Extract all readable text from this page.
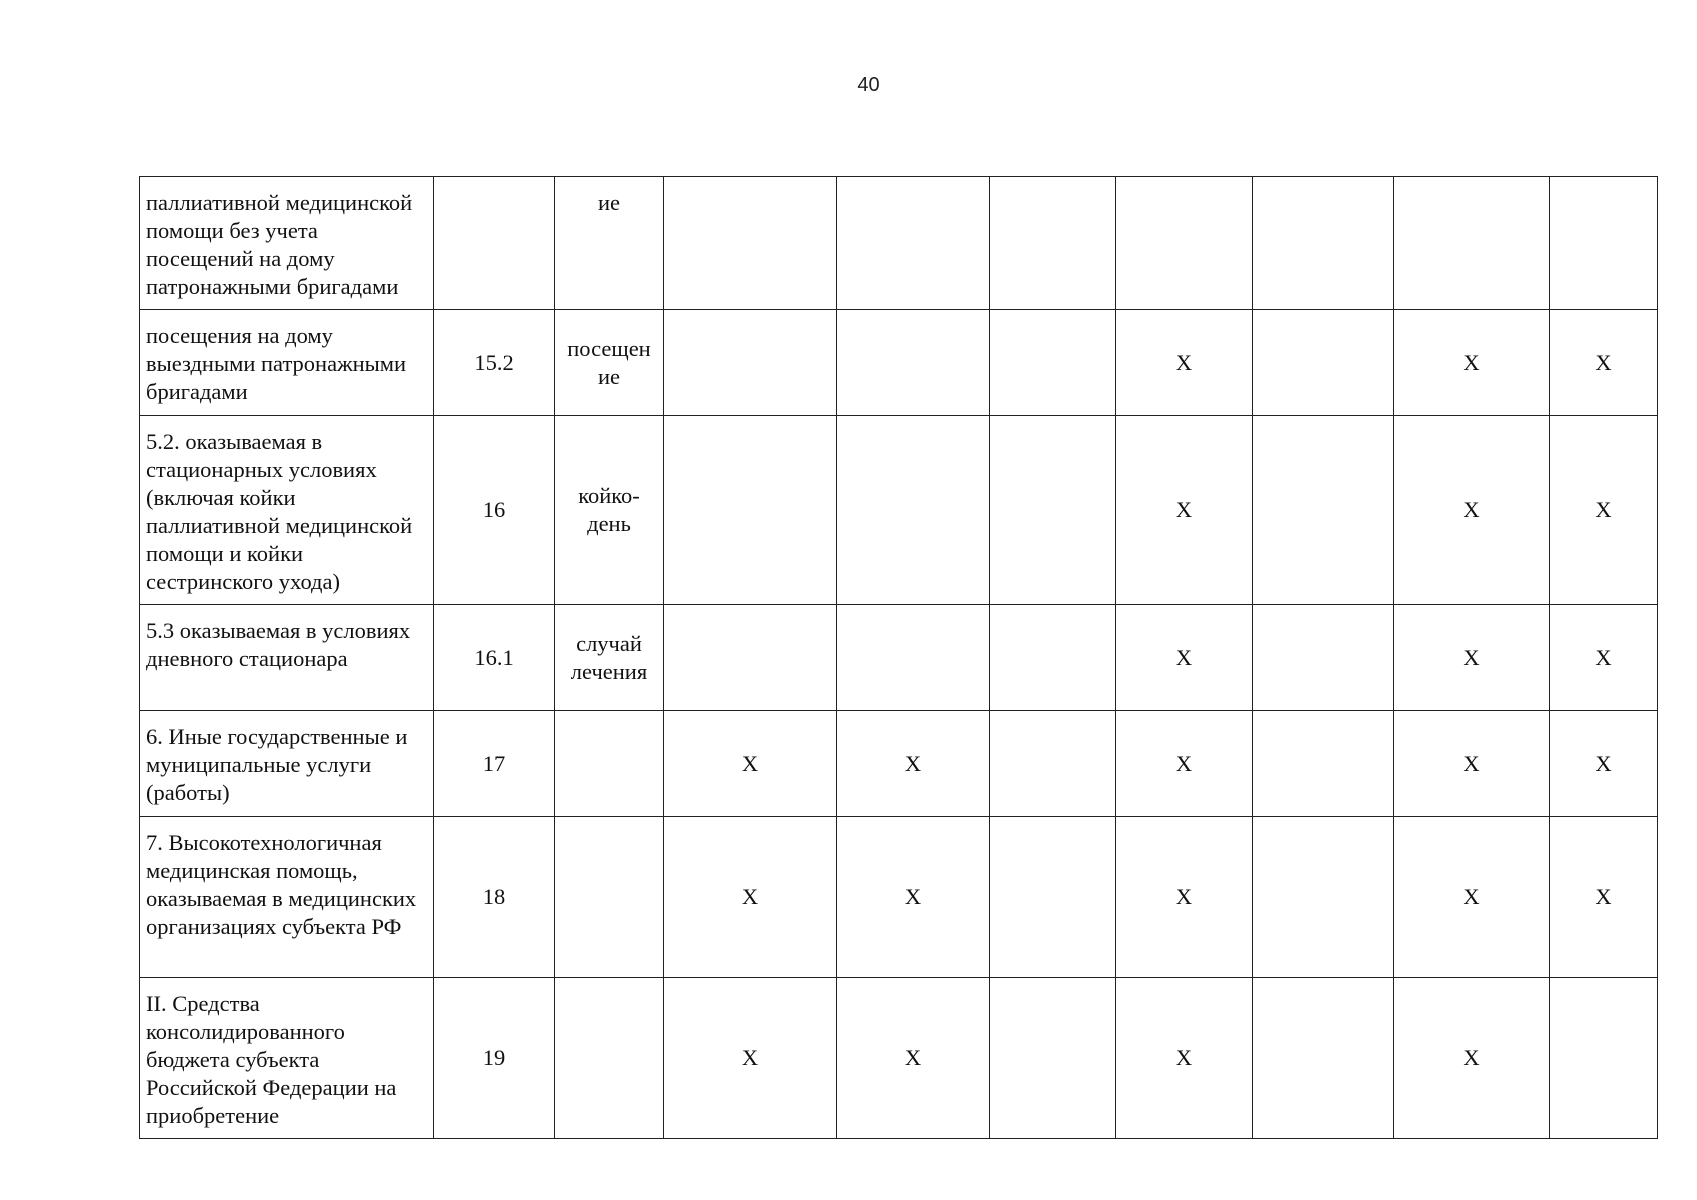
40
паллиативной медицинской помощи без учета посещений на дому патронажными бригадами		ие							
посещения на дому выездными патронажными бригадами	15.2	посещен ие				X		X	X
5.2. оказываемая в стационарных условиях (включая койки паллиативной медицинской помощи и койки сестринского ухода)	16	койко-день				X		X	X
5.3 оказываемая в условиях дневного стационара	16.1	случай лечения				X		X	X
6. Иные государственные и муниципальные услуги (работы)	17		X	X		X		X	X
7. Высокотехнологичная медицинская помощь, оказываемая в медицинских организациях субъекта РФ	18		X	X		X		X	X
II. Средства консолидированного бюджета субъекта Российской Федерации на приобретение	19		X	X		X		X	
